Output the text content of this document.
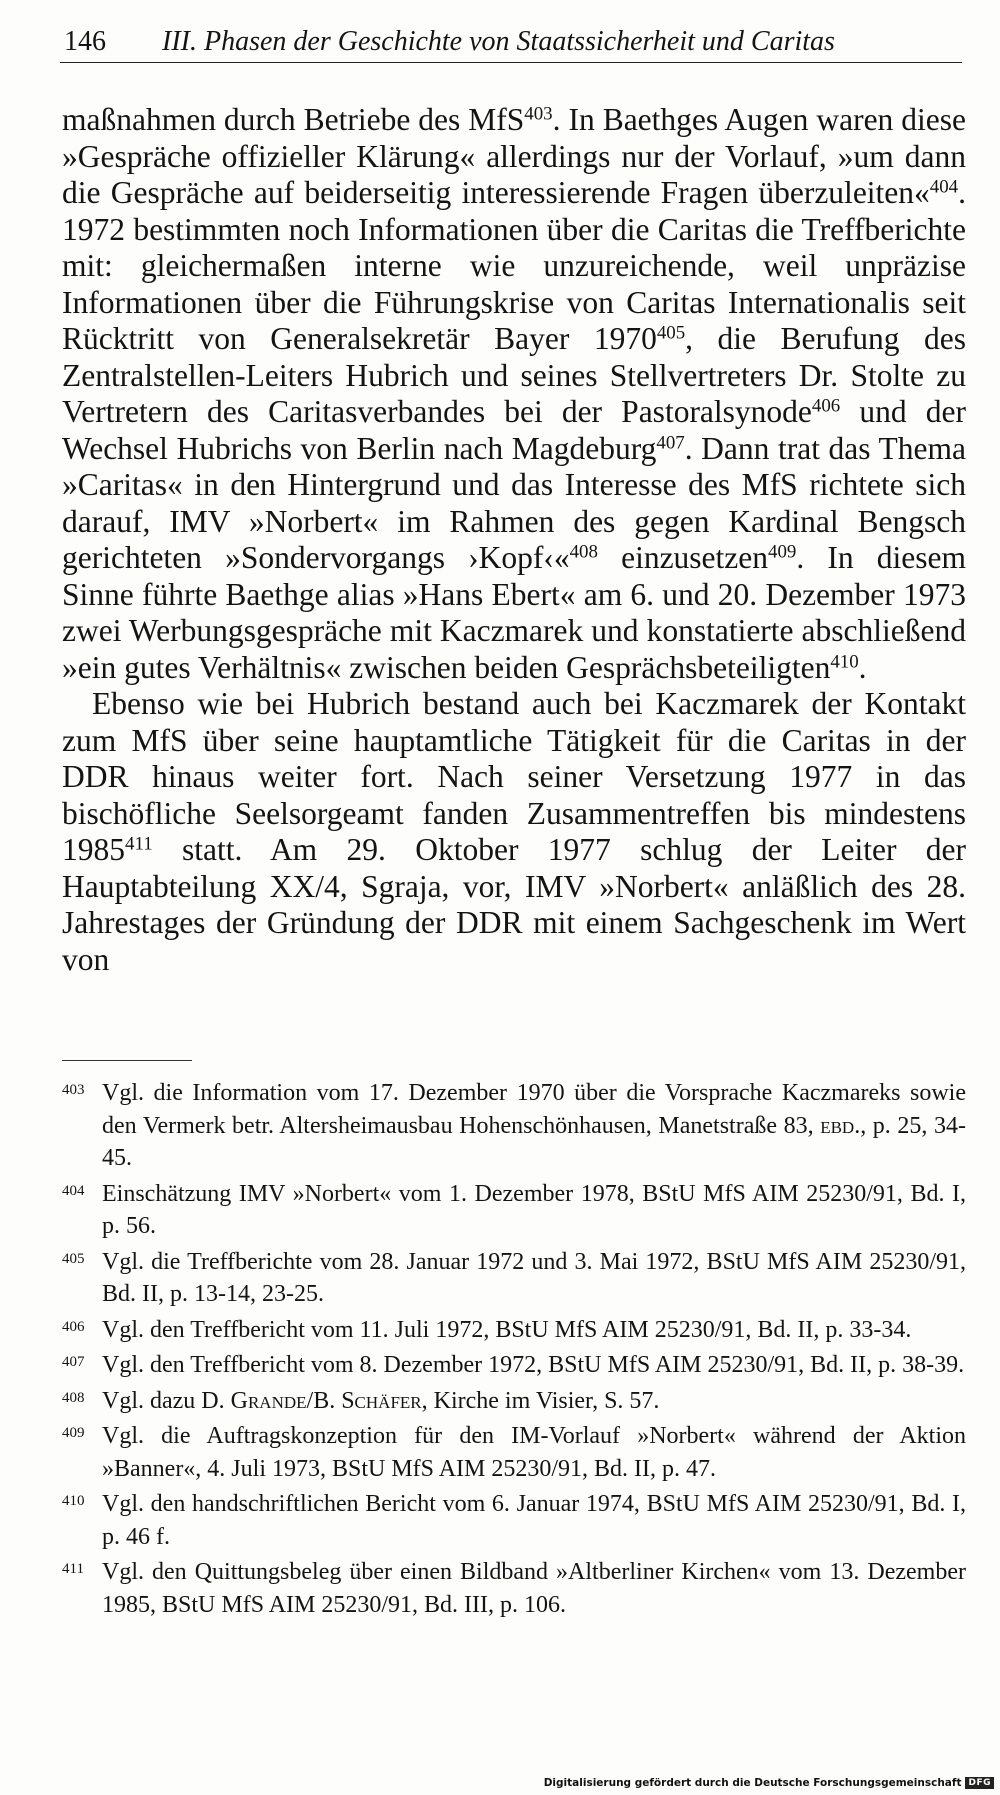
146 III. Phasen der Geschichte von Staatssicherheit und Caritas

maßnahmen durch Betriebe des MfS$^{403}$. In Baethges Augen waren diese »Gespräche offizieller Klärung« allerdings nur der Vorlauf, »um dann die Gespräche auf beiderseitig interessierende Fragen überzuleiten«$^{404}$. 1972 bestimmten noch Informationen über die Caritas die Treffberichte mit: gleichermaßen interne wie unzureichende, weil unpräzise Informationen über die Führungskrise von Caritas Internationalis seit Rücktritt von Generalsekretär Bayer 1970$^{405}$, die Berufung des Zentralstellen-Leiters Hubrich und seines Stellvertreters Dr. Stolte zu Vertretern des Caritasverbandes bei der Pastoralsynode$^{406}$ und der Wechsel Hubrichs von Berlin nach Magdeburg$^{407}$. Dann trat das Thema »Caritas« in den Hintergrund und das Interesse des MfS richtete sich darauf, IMV »Norbert« im Rahmen des gegen Kardinal Bengsch gerichteten »Sondervorgangs ›Kopf‹«$^{408}$ einzusetzen$^{409}$. In diesem Sinne führte Baethge alias »Hans Ebert« am 6. und 20. Dezember 1973 zwei Werbungsgespräche mit Kaczmarek und konstatierte abschließend »ein gutes Verhältnis« zwischen beiden Gesprächsbeteiligten$^{410}$.

Ebenso wie bei Hubrich bestand auch bei Kaczmarek der Kontakt zum MfS über seine hauptamtliche Tätigkeit für die Caritas in der DDR hinaus weiter fort. Nach seiner Versetzung 1977 in das bischöfliche Seelsorgeamt fanden Zusammentreffen bis mindestens 1985$^{411}$ statt. Am 29. Oktober 1977 schlug der Leiter der Hauptabteilung XX/4, Sgraja, vor, IMV »Norbert« anläßlich des 28. Jahrestages der Gründung der DDR mit einem Sachgeschenk im Wert von

403 Vgl. die Information vom 17. Dezember 1970 über die Vorsprache Kaczmareks sowie den Vermerk betr. Altersheimausbau Hohenschönhausen, Manetstraße 83, ebd., p. 25, 34-45.
404 Einschätzung IMV »Norbert« vom 1. Dezember 1978, BStU MfS AIM 25230/91, Bd. I, p. 56.
405 Vgl. die Treffberichte vom 28. Januar 1972 und 3. Mai 1972, BStU MfS AIM 25230/91, Bd. II, p. 13-14, 23-25.
406 Vgl. den Treffbericht vom 11. Juli 1972, BStU MfS AIM 25230/91, Bd. II, p. 33-34.
407 Vgl. den Treffbericht vom 8. Dezember 1972, BStU MfS AIM 25230/91, Bd. II, p. 38-39.
408 Vgl. dazu D. Grande/B. Schäfer, Kirche im Visier, S. 57.
409 Vgl. die Auftragskonzeption für den IM-Vorlauf »Norbert« während der Aktion »Banner«, 4. Juli 1973, BStU MfS AIM 25230/91, Bd. II, p. 47.
410 Vgl. den handschriftlichen Bericht vom 6. Januar 1974, BStU MfS AIM 25230/91, Bd. I, p. 46 f.
411 Vgl. den Quittungsbeleg über einen Bildband »Altberliner Kirchen« vom 13. Dezember 1985, BStU MfS AIM 25230/91, Bd. III, p. 106.
Digitalisierung gefördert durch die Deutsche Forschungsgemeinschaft DFG
